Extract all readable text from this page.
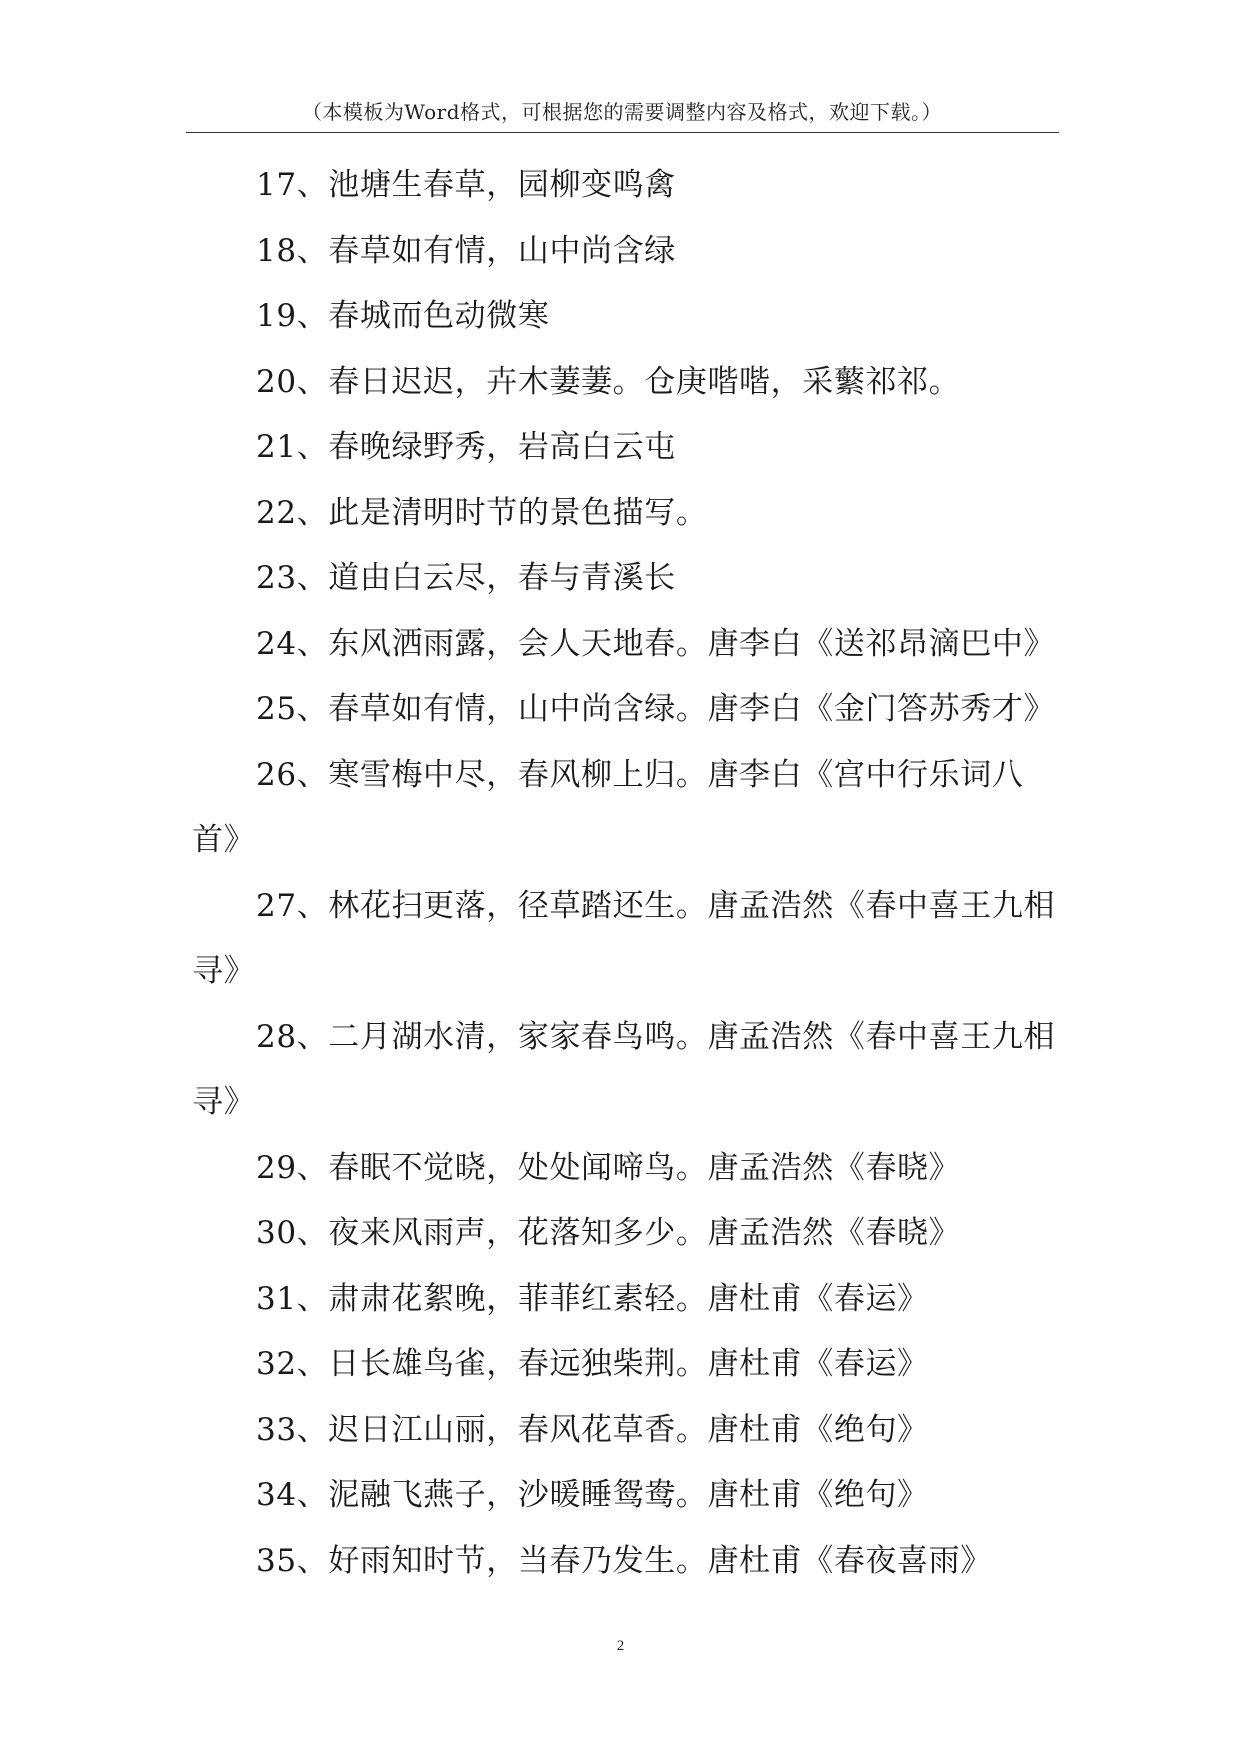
（本模板为Word格式，可根据您的需要调整内容及格式，欢迎下载。）

17、池塘生春草，园柳变鸣禽

18、春草如有情，山中尚含绿

19、春城而色动微寒

20、春日迟迟，卉木萋萋。仓庚喈喈，采蘩祁祁。

21、春晚绿野秀，岩高白云屯

22、此是清明时节的景色描写。

23、道由白云尽，春与青溪长

24、东风洒雨露，会人天地春。唐李白《送祁昂滴巴中》

25、春草如有情，山中尚含绿。唐李白《金门答苏秀才》

26、寒雪梅中尽，春风柳上归。唐李白《宫中行乐词八首》

27、林花扫更落，径草踏还生。唐孟浩然《春中喜王九相寻》

28、二月湖水清，家家春鸟鸣。唐孟浩然《春中喜王九相寻》

29、春眠不觉晓，处处闻啼鸟。唐孟浩然《春晓》

30、夜来风雨声，花落知多少。唐孟浩然《春晓》

31、肃肃花絮晚，菲菲红素轻。唐杜甫《春运》

32、日长雄鸟雀，春远独柴荆。唐杜甫《春运》

33、迟日江山丽，春风花草香。唐杜甫《绝句》

34、泥融飞燕子，沙暖睡鸳鸯。唐杜甫《绝句》

35、好雨知时节，当春乃发生。唐杜甫《春夜喜雨》

2
